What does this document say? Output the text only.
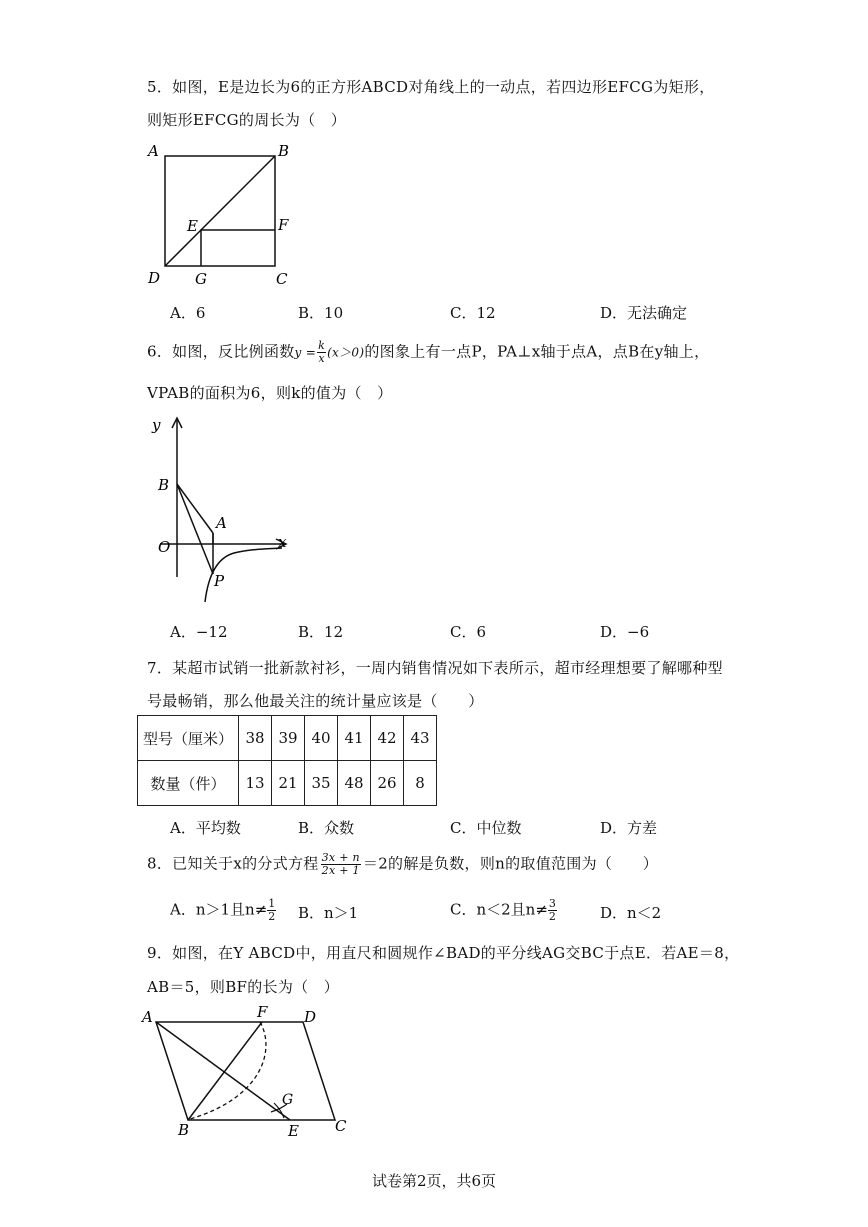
5．如图，E是边长为6的正方形ABCD对角线上的一动点，若四边形EFCG为矩形，
则矩形EFCG的周长为（　）
A	B
E	F
D G	C
A．6	B．10	C．12	D．无法确定
6．如图，反比例函数$y = \frac{k}{x} (x>0)$的图象上有一点P，PA⊥x轴于点A，点B在y轴上，
VPAB的面积为6，则k的值为（　）
y
B
A
O	x
P
A．−12	B．12	C．6	D．−6
7．某超市试销一批新款衬衫，一周内销售情况如下表所示，超市经理想要了解哪种型
号最畅销，那么他最关注的统计量应该是（　　）
型号（厘米）	38	39	40	41	42	43
数量（件）	13	21	35	48	26	8
A．平均数	B．众数	C．中位数	D．方差
8．已知关于x的分式方程 $\frac{3x + n}{2x + 1} =2$的解是负数，则n的取值范围为（　　）
A．n＞1且$n\ne \frac{1}{2}$ B．n＞1	C．n＜2且$n\ne \frac{3}{2}$	D．n＜2
9．如图，在Y ABCD中，用直尺和圆规作∠BAD的平分线AG交BC于点E．若AE＝8，
AB＝5，则BF的长为（　）
A	F D
G
B	E C
试卷第2页，共6页
